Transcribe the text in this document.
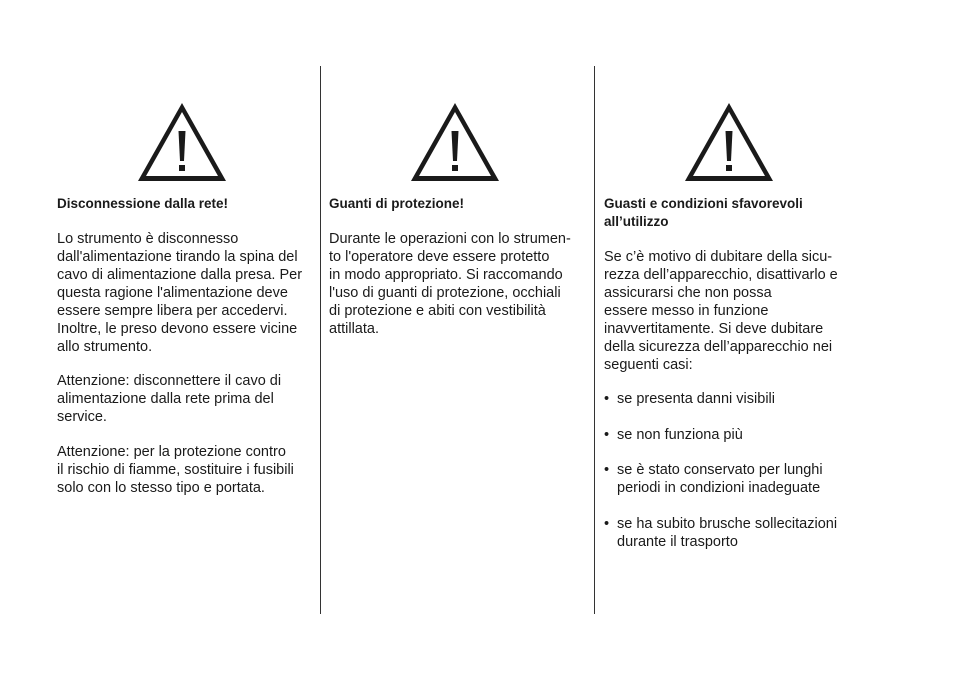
Disconnessione dalla rete!
Lo strumento è disconnesso
dall'alimentazione tirando la spina del
cavo di alimentazione dalla presa. Per
questa ragione l'alimentazione deve
essere sempre libera per accedervi.
Inoltre, le preso devono essere vicine
allo strumento.
Attenzione: disconnettere il cavo di
alimentazione dalla rete prima del
service.
Attenzione: per la protezione contro
il rischio di fiamme, sostituire i fusibili
solo con lo stesso tipo e portata.
Guanti di protezione!
Durante le operazioni con lo strumen-
to l'operatore deve essere protetto
in modo appropriato. Si raccomando
l'uso di guanti di protezione, occhiali
di protezione e abiti con vestibilità
attillata.
Guasti e condizioni sfavorevoli
all’utilizzo
Se c’è motivo di dubitare della sicu-
rezza dell’apparecchio, disattivarlo e
assicurarsi che non possa
essere messo in funzione
inavvertitamente. Si deve dubitare
della sicurezza dell’apparecchio nei
seguenti casi:
• se presenta danni visibili
• se non funziona più
• se è stato conservato per lunghi
periodi in condizioni inadeguate
• se ha subito brusche sollecitazioni
durante il trasporto
